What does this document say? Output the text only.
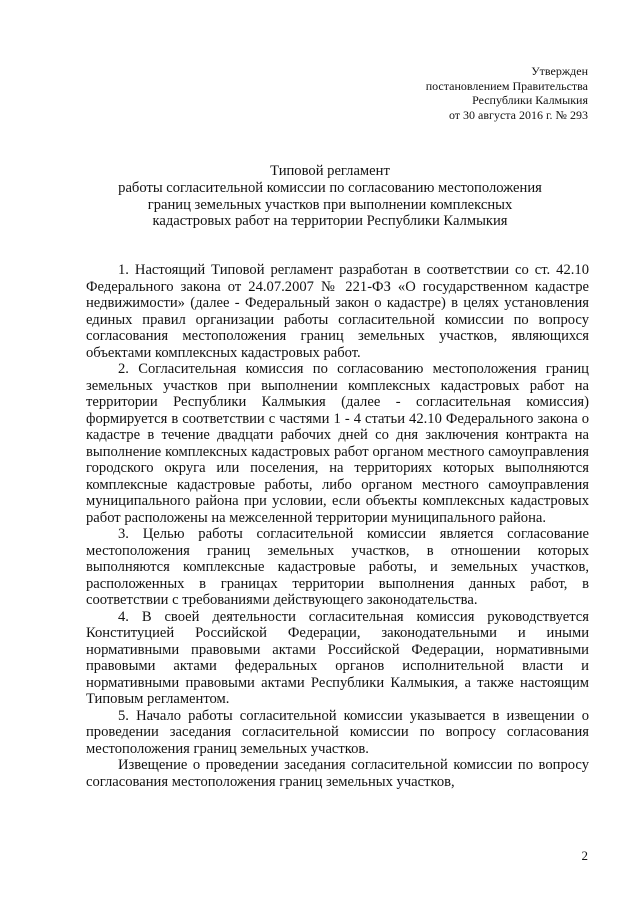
Утвержден
постановлением Правительства
Республики Калмыкия
от 30 августа 2016 г. № 293
Типовой регламент
работы согласительной комиссии по согласованию местоположения
границ земельных участков при выполнении комплексных
кадастровых работ на территории Республики Калмыкия

1. Настоящий Типовой регламент разработан в соответствии со ст. 42.10 Федерального закона от 24.07.2007 № 221-ФЗ «О государственном кадастре недвижимости» (далее - Федеральный закон о кадастре) в целях установления единых правил организации работы согласительной комиссии по вопросу согласования местоположения границ земельных участков, являющихся объектами комплексных кадастровых работ.

2. Согласительная комиссия по согласованию местоположения границ земельных участков при выполнении комплексных кадастровых работ на территории Республики Калмыкия (далее - согласительная комиссия) формируется в соответствии с частями 1 - 4 статьи 42.10 Федерального закона о кадастре в течение двадцати рабочих дней со дня заключения контракта на выполнение комплексных кадастровых работ органом местного самоуправления городского округа или поселения, на территориях которых выполняются комплексные кадастровые работы, либо органом местного самоуправления муниципального района при условии, если объекты комплексных кадастровых работ расположены на межселенной территории муниципального района.

3. Целью работы согласительной комиссии является согласование местоположения границ земельных участков, в отношении которых выполняются комплексные кадастровые работы, и земельных участков, расположенных в границах территории выполнения данных работ, в соответствии с требованиями действующего законодательства.

4. В своей деятельности согласительная комиссия руководствуется Конституцией Российской Федерации, законодательными и иными нормативными правовыми актами Российской Федерации, нормативными правовыми актами федеральных органов исполнительной власти и нормативными правовыми актами Республики Калмыкия, а также настоящим Типовым регламентом.

5. Начало работы согласительной комиссии указывается в извещении о проведении заседания согласительной комиссии по вопросу согласования местоположения границ земельных участков.

Извещение о проведении заседания согласительной комиссии по вопросу согласования местоположения границ земельных участков,

2
